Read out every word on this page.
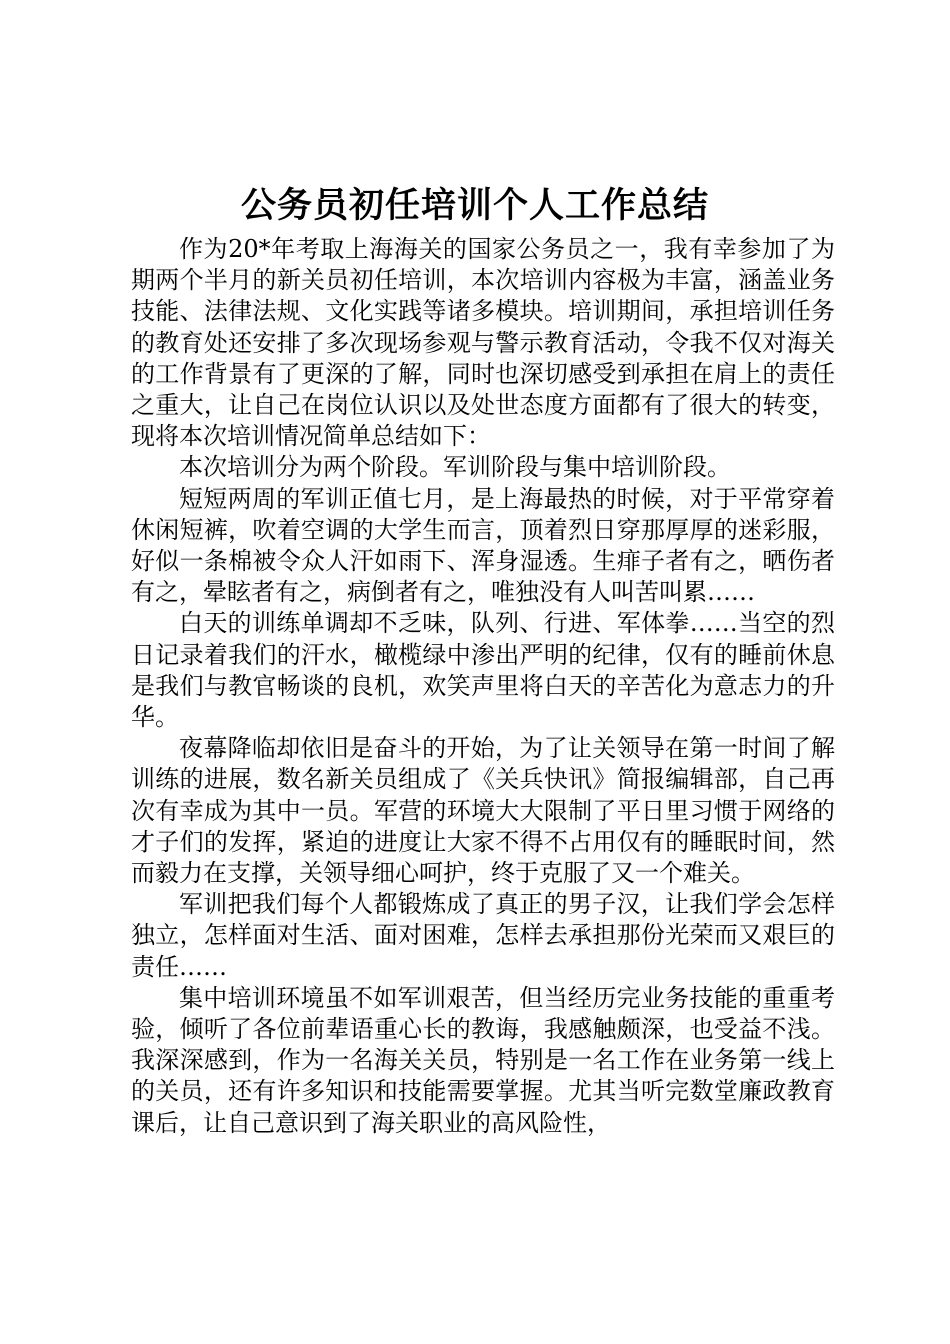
公务员初任培训个人工作总结

作为20*年考取上海海关的国家公务员之一，我有幸参加了为期两个半月的新关员初任培训，本次培训内容极为丰富，涵盖业务技能、法律法规、文化实践等诸多模块。培训期间，承担培训任务的教育处还安排了多次现场参观与警示教育活动，令我不仅对海关的工作背景有了更深的了解，同时也深切感受到承担在肩上的责任之重大，让自己在岗位认识以及处世态度方面都有了很大的转变，现将本次培训情况简单总结如下：

本次培训分为两个阶段。军训阶段与集中培训阶段。

短短两周的军训正值七月，是上海最热的时候，对于平常穿着休闲短裤，吹着空调的大学生而言，顶着烈日穿那厚厚的迷彩服，好似一条棉被令众人汗如雨下、浑身湿透。生痱子者有之，晒伤者有之，晕眩者有之，病倒者有之，唯独没有人叫苦叫累……

白天的训练单调却不乏味，队列、行进、军体拳……当空的烈日记录着我们的汗水，橄榄绿中渗出严明的纪律，仅有的睡前休息是我们与教官畅谈的良机，欢笑声里将白天的辛苦化为意志力的升华。

夜幕降临却依旧是奋斗的开始，为了让关领导在第一时间了解训练的进展，数名新关员组成了《关兵快讯》简报编辑部，自己再次有幸成为其中一员。军营的环境大大限制了平日里习惯于网络的才子们的发挥，紧迫的进度让大家不得不占用仅有的睡眠时间，然而毅力在支撑，关领导细心呵护，终于克服了又一个难关。

军训把我们每个人都锻炼成了真正的男子汉，让我们学会怎样独立，怎样面对生活、面对困难，怎样去承担那份光荣而又艰巨的责任……

集中培训环境虽不如军训艰苦，但当经历完业务技能的重重考验，倾听了各位前辈语重心长的教诲，我感触颇深，也受益不浅。我深深感到，作为一名海关关员，特别是一名工作在业务第一线上的关员，还有许多知识和技能需要掌握。尤其当听完数堂廉政教育课后，让自己意识到了海关职业的高风险性，
